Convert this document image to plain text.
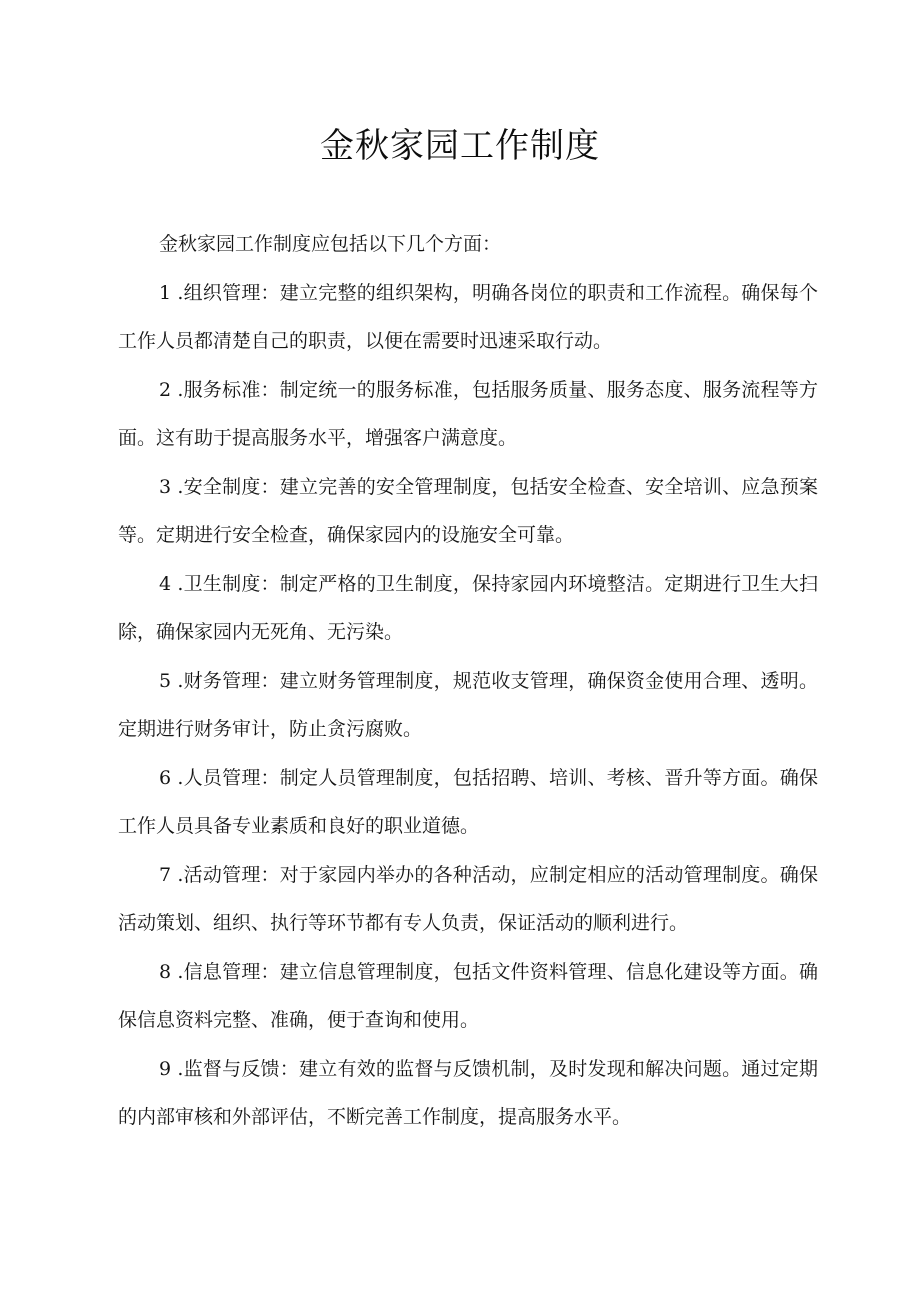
金秋家园工作制度

金秋家园工作制度应包括以下几个方面：

1 .组织管理：建立完整的组织架构，明确各岗位的职责和工作流程。确保每个工作人员都清楚自己的职责，以便在需要时迅速采取行动。

2 .服务标准：制定统一的服务标准，包括服务质量、服务态度、服务流程等方面。这有助于提高服务水平，增强客户满意度。

3 .安全制度：建立完善的安全管理制度，包括安全检查、安全培训、应急预案等。定期进行安全检查，确保家园内的设施安全可靠。

4 .卫生制度：制定严格的卫生制度，保持家园内环境整洁。定期进行卫生大扫除，确保家园内无死角、无污染。

5 .财务管理：建立财务管理制度，规范收支管理，确保资金使用合理、透明。定期进行财务审计，防止贪污腐败。

6 .人员管理：制定人员管理制度，包括招聘、培训、考核、晋升等方面。确保工作人员具备专业素质和良好的职业道德。

7 .活动管理：对于家园内举办的各种活动，应制定相应的活动管理制度。确保活动策划、组织、执行等环节都有专人负责，保证活动的顺利进行。

8 .信息管理：建立信息管理制度，包括文件资料管理、信息化建设等方面。确保信息资料完整、准确，便于查询和使用。

9 .监督与反馈：建立有效的监督与反馈机制，及时发现和解决问题。通过定期的内部审核和外部评估，不断完善工作制度，提高服务水平。
